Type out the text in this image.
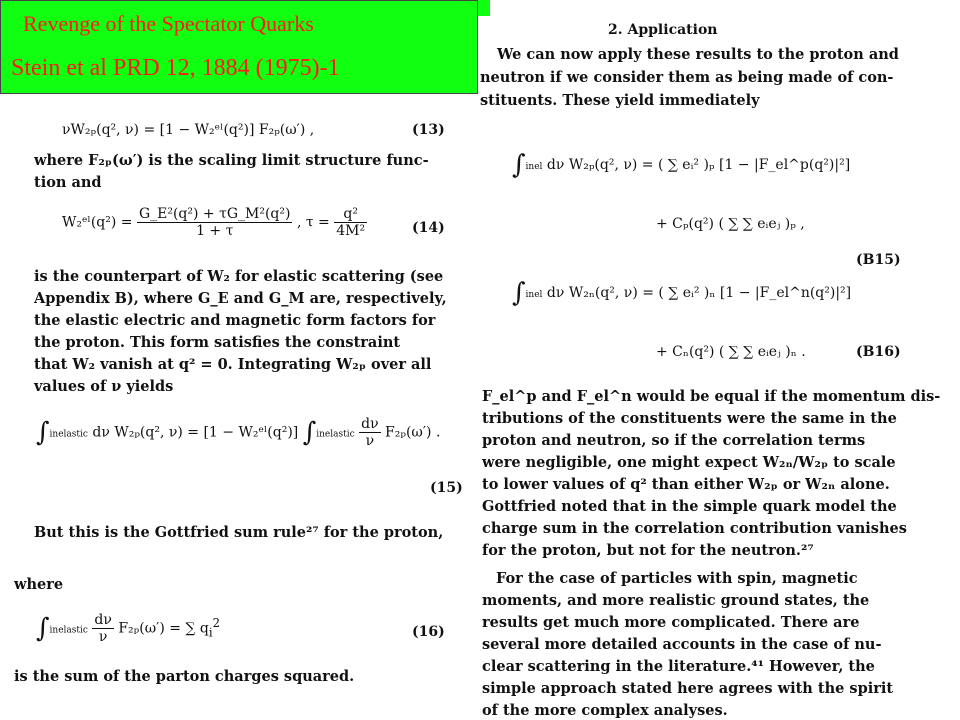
Revenge of the Spectator Quarks
Stein et al PRD 12, 1884 (1975)-1
νW₂ₚ(q², ν) = [1 − W₂ᵉˡ(q²)] F₂ₚ(ω′) ,	(13)
where F₂ₚ(ω′) is the scaling limit structure func-
tion and
W₂ᵉˡ(q²) = $\frac{\text{G\_E²(q²) + τG\_M²(q²)}}{1 + \tau}$ , $\tau = \frac{\text{q²}}{\text{4M²}}$	(14)
is the counterpart of W₂ for elastic scattering (see
Appendix B), where G_E and G_M are, respectively,
the elastic electric and magnetic form factors for
the proton. This form satisfies the constraint
that W₂ vanish at q² = 0. Integrating W₂ₚ over all
values of ν yields
∫inelastic dν W₂ₚ(q², ν) = [1 − W₂ᵉˡ(q²)] ∫inelastic $\frac{d\nu}{\nu} F_{2p}(\omega')$ .
(15)
But this is the Gottfried sum rule²⁷ for the proton,
where
∫inelastic $\frac{d\nu}{\nu} F_{2p}(\omega')$ = ∑ $q_i^2$
(16)
is the sum of the parton charges squared.
2. Application
We can now apply these results to the proton and
neutron if we consider them as being made of con-
stituents. These yield immediately
∫inel dν W₂ₚ(q², ν) = ( ∑ eᵢ² )ₚ [1 − |F_el^p(q²)|²]
+ Cₚ(q²) ( ∑ ∑ eᵢeⱼ )ₚ ,
(B15)
∫inel dν W₂ₙ(q², ν) = ( ∑ eᵢ² )ₙ [1 − |F_el^n(q²)|²]
+ Cₙ(q²) ( ∑ ∑ eᵢeⱼ )ₙ .	(B16)
F_el^p and F_el^n would be equal if the momentum dis-
tributions of the constituents were the same in the
proton and neutron, so if the correlation terms
were negligible, one might expect W₂ₙ/W₂ₚ to scale
to lower values of q² than either W₂ₚ or W₂ₙ alone.
Gottfried noted that in the simple quark model the
charge sum in the correlation contribution vanishes
for the proton, but not for the neutron.²⁷
For the case of particles with spin, magnetic
moments, and more realistic ground states, the
results get much more complicated. There are
several more detailed accounts in the case of nu-
clear scattering in the literature.⁴¹ However, the
simple approach stated here agrees with the spirit
of the more complex analyses.
